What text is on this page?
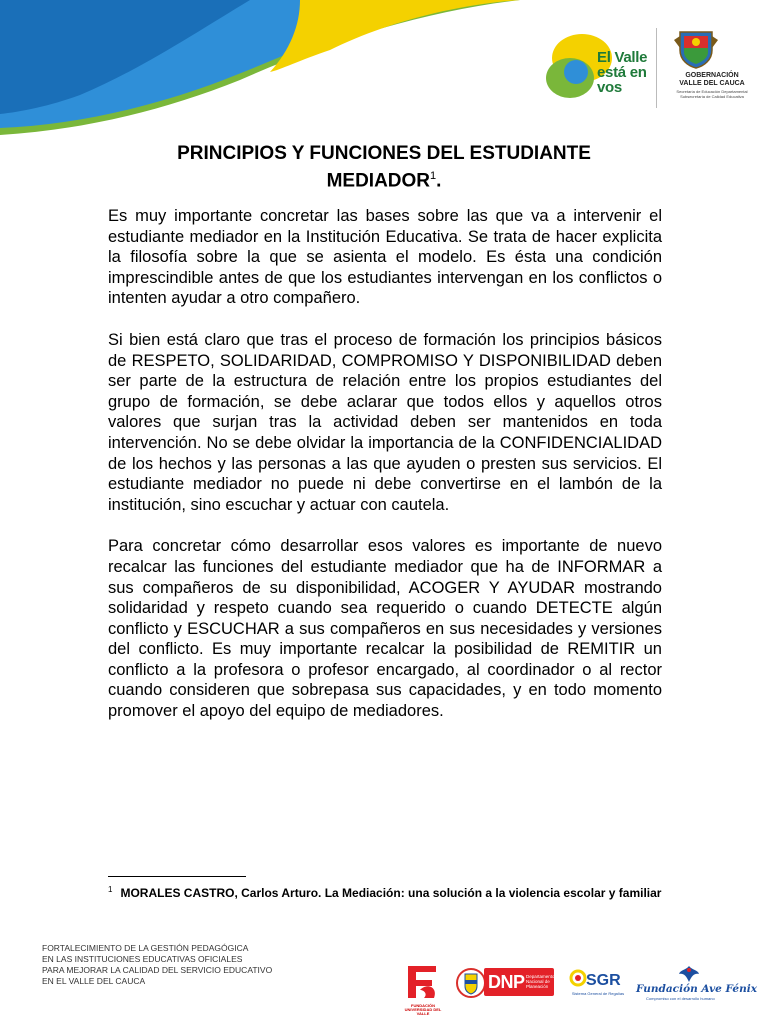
El Valle
está en
vos
GOBERNACIÓN
VALLE DEL CAUCA
Secretaría de Educación Departamental
Subsecretaría de Calidad Educativa
PRINCIPIOS Y FUNCIONES DEL ESTUDIANTE
MEDIADOR$^1$.

Es muy importante concretar las bases sobre las que va a intervenir el estudiante mediador en la Institución Educativa. Se trata de hacer explicita la filosofía sobre la que se asienta el modelo. Es ésta una condición imprescindible antes de que los estudiantes intervengan en los conflictos o intenten ayudar a otro compañero.

Si bien está claro que tras el proceso de formación los principios básicos de RESPETO, SOLIDARIDAD, COMPROMISO Y DISPONIBILIDAD deben ser parte de la estructura de relación entre los propios estudiantes del grupo de formación, se debe aclarar que todos ellos y aquellos otros valores que surjan tras la actividad deben ser mantenidos en toda intervención. No se debe olvidar la importancia de la CONFIDENCIALIDAD de los hechos y las personas a las que ayuden o presten sus servicios. El estudiante mediador no puede ni debe convertirse en el lambón de la institución, sino escuchar y actuar con cautela.

Para concretar cómo desarrollar esos valores es importante de nuevo recalcar las funciones del estudiante mediador que ha de INFORMAR a sus compañeros de su disponibilidad, ACOGER Y AYUDAR mostrando solidaridad y respeto cuando sea requerido o cuando DETECTE algún conflicto y ESCUCHAR a sus compañeros en sus necesidades y versiones del conflicto. Es muy importante recalcar la posibilidad de REMITIR un conflicto a la profesora o profesor encargado, al coordinador o al rector cuando consideren que sobrepasa sus capacidades, y en todo momento promover el apoyo del equipo de mediadores.

$^1$ MORALES CASTRO, Carlos Arturo. La Mediación: una solución a la violencia escolar y familiar
FORTALECIMIENTO DE LA GESTIÓN PEDAGÓGICA
EN LAS INSTITUCIONES EDUCATIVAS OFICIALES
PARA MEJORAR LA CALIDAD DEL SERVICIO EDUCATIVO
EN EL VALLE DEL CAUCA
FUNDACIÓN UNIVERSIDAD DEL VALLE
DNP Departamento Nacional de Planeación SGR
Sistema General de Regalías	Fundación Ave Fénix
Compromiso con el desarrollo humano
